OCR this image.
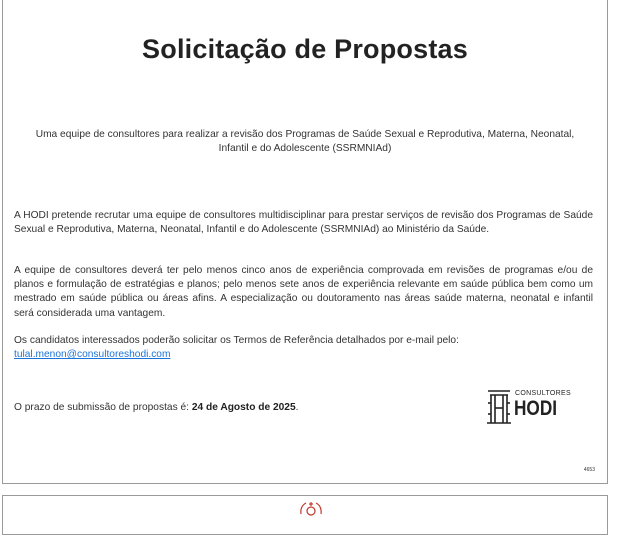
Solicitação de Propostas
Uma equipe de consultores para realizar a revisão dos Programas de Saúde Sexual e Reprodutiva, Materna, Neonatal, Infantil e do Adolescente (SSRMNIAd)
A HODI pretende recrutar uma equipe de consultores multidisciplinar para prestar serviços de revisão dos Programas de Saúde Sexual e Reprodutiva, Materna, Neonatal, Infantil e do Adolescente (SSRMNIAd) ao Ministério da Saúde.
A equipe de consultores deverá ter pelo menos cinco anos de experiência comprovada em revisões de programas e/ou de planos e formulação de estratégias e planos; pelo menos sete anos de experiência relevante em saúde pública bem como um mestrado em saúde pública ou áreas afins. A especialização ou doutoramento nas áreas saúde materna, neonatal e infantil será considerada uma vantagem.
Os candidatos interessados poderão solicitar os Termos de Referência detalhados por e-mail pelo:
tulal.menon@consultoreshodi.com
O prazo de submissão de propostas é: 24 de Agosto de 2025.
CONSULTORES
HODI
4653
